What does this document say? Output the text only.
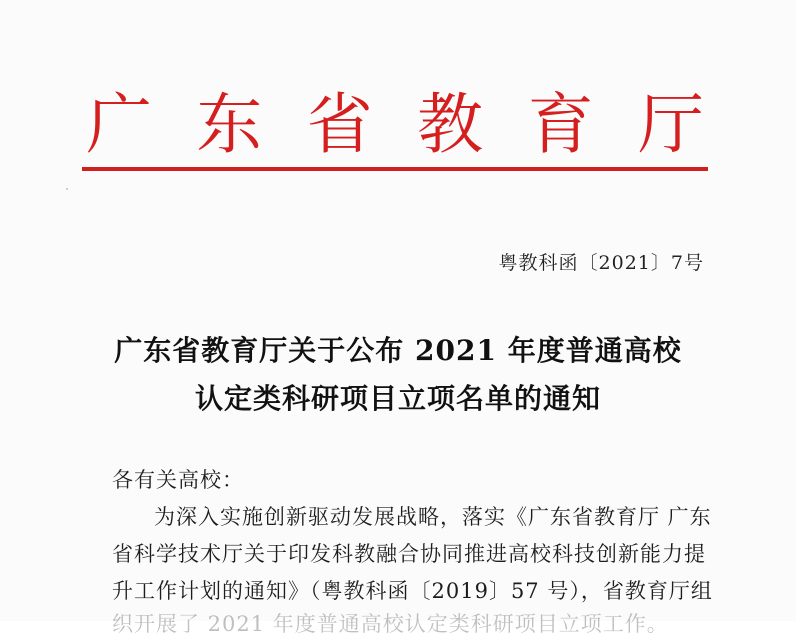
广 东 省 教 育 厅
粤教科函〔2021〕7号
广东省教育厅关于公布 2021 年度普通高校
认定类科研项目立项名单的通知
各有关高校：
为深入实施创新驱动发展战略，落实《广东省教育厅 广东
省科学技术厅关于印发科教融合协同推进高校科技创新能力提
升工作计划的通知》（粤教科函〔2019〕57 号），省教育厅组
织开展了 2021 年度普通高校认定类科研项目立项工作。
